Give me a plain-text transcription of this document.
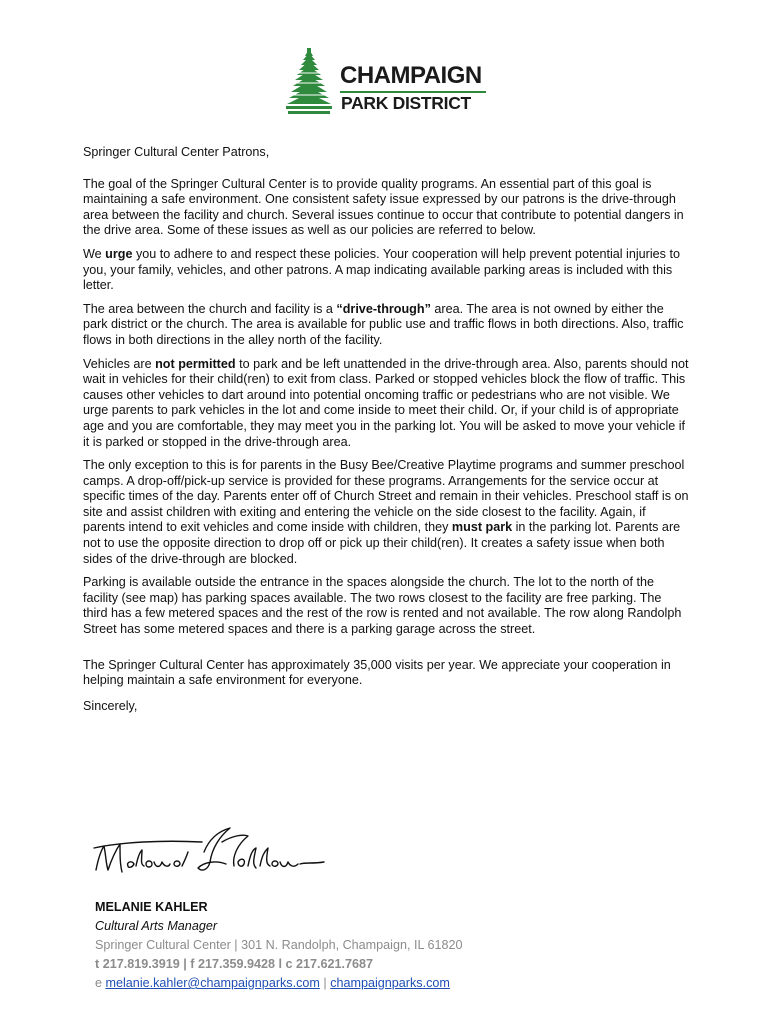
CHAMPAIGN
PARK DISTRICT

Springer Cultural Center Patrons,

The goal of the Springer Cultural Center is to provide quality programs. An essential part of this goal is maintaining a safe environment. One consistent safety issue expressed by our patrons is the drive-through area between the facility and church. Several issues continue to occur that contribute to potential dangers in the drive area. Some of these issues as well as our policies are referred to below.

We urge you to adhere to and respect these policies. Your cooperation will help prevent potential injuries to you, your family, vehicles, and other patrons. A map indicating available parking areas is included with this letter.

The area between the church and facility is a “drive-through” area. The area is not owned by either the park district or the church. The area is available for public use and traffic flows in both directions. Also, traffic flows in both directions in the alley north of the facility.

Vehicles are not permitted to park and be left unattended in the drive-through area. Also, parents should not wait in vehicles for their child(ren) to exit from class. Parked or stopped vehicles block the flow of traffic. This causes other vehicles to dart around into potential oncoming traffic or pedestrians who are not visible. We urge parents to park vehicles in the lot and come inside to meet their child. Or, if your child is of appropriate age and you are comfortable, they may meet you in the parking lot. You will be asked to move your vehicle if it is parked or stopped in the drive-through area.

The only exception to this is for parents in the Busy Bee/Creative Playtime programs and summer preschool camps. A drop-off/pick-up service is provided for these programs. Arrangements for the service occur at specific times of the day. Parents enter off of Church Street and remain in their vehicles. Preschool staff is on site and assist children with exiting and entering the vehicle on the side closest to the facility. Again, if parents intend to exit vehicles and come inside with children, they must park in the parking lot. Parents are not to use the opposite direction to drop off or pick up their child(ren). It creates a safety issue when both sides of the drive-through are blocked.

Parking is available outside the entrance in the spaces alongside the church. The lot to the north of the facility (see map) has parking spaces available. The two rows closest to the facility are free parking. The third has a few metered spaces and the rest of the row is rented and not available. The row along Randolph Street has some metered spaces and there is a parking garage across the street.

The Springer Cultural Center has approximately 35,000 visits per year. We appreciate your cooperation in helping maintain a safe environment for everyone.

Sincerely,

MELANIE KAHLER
Cultural Arts Manager
Springer Cultural Center | 301 N. Randolph, Champaign, IL 61820
t 217.819.3919 | f 217.359.9428 l c 217.621.7687
e melanie.kahler@champaignparks.com | champaignparks.com
